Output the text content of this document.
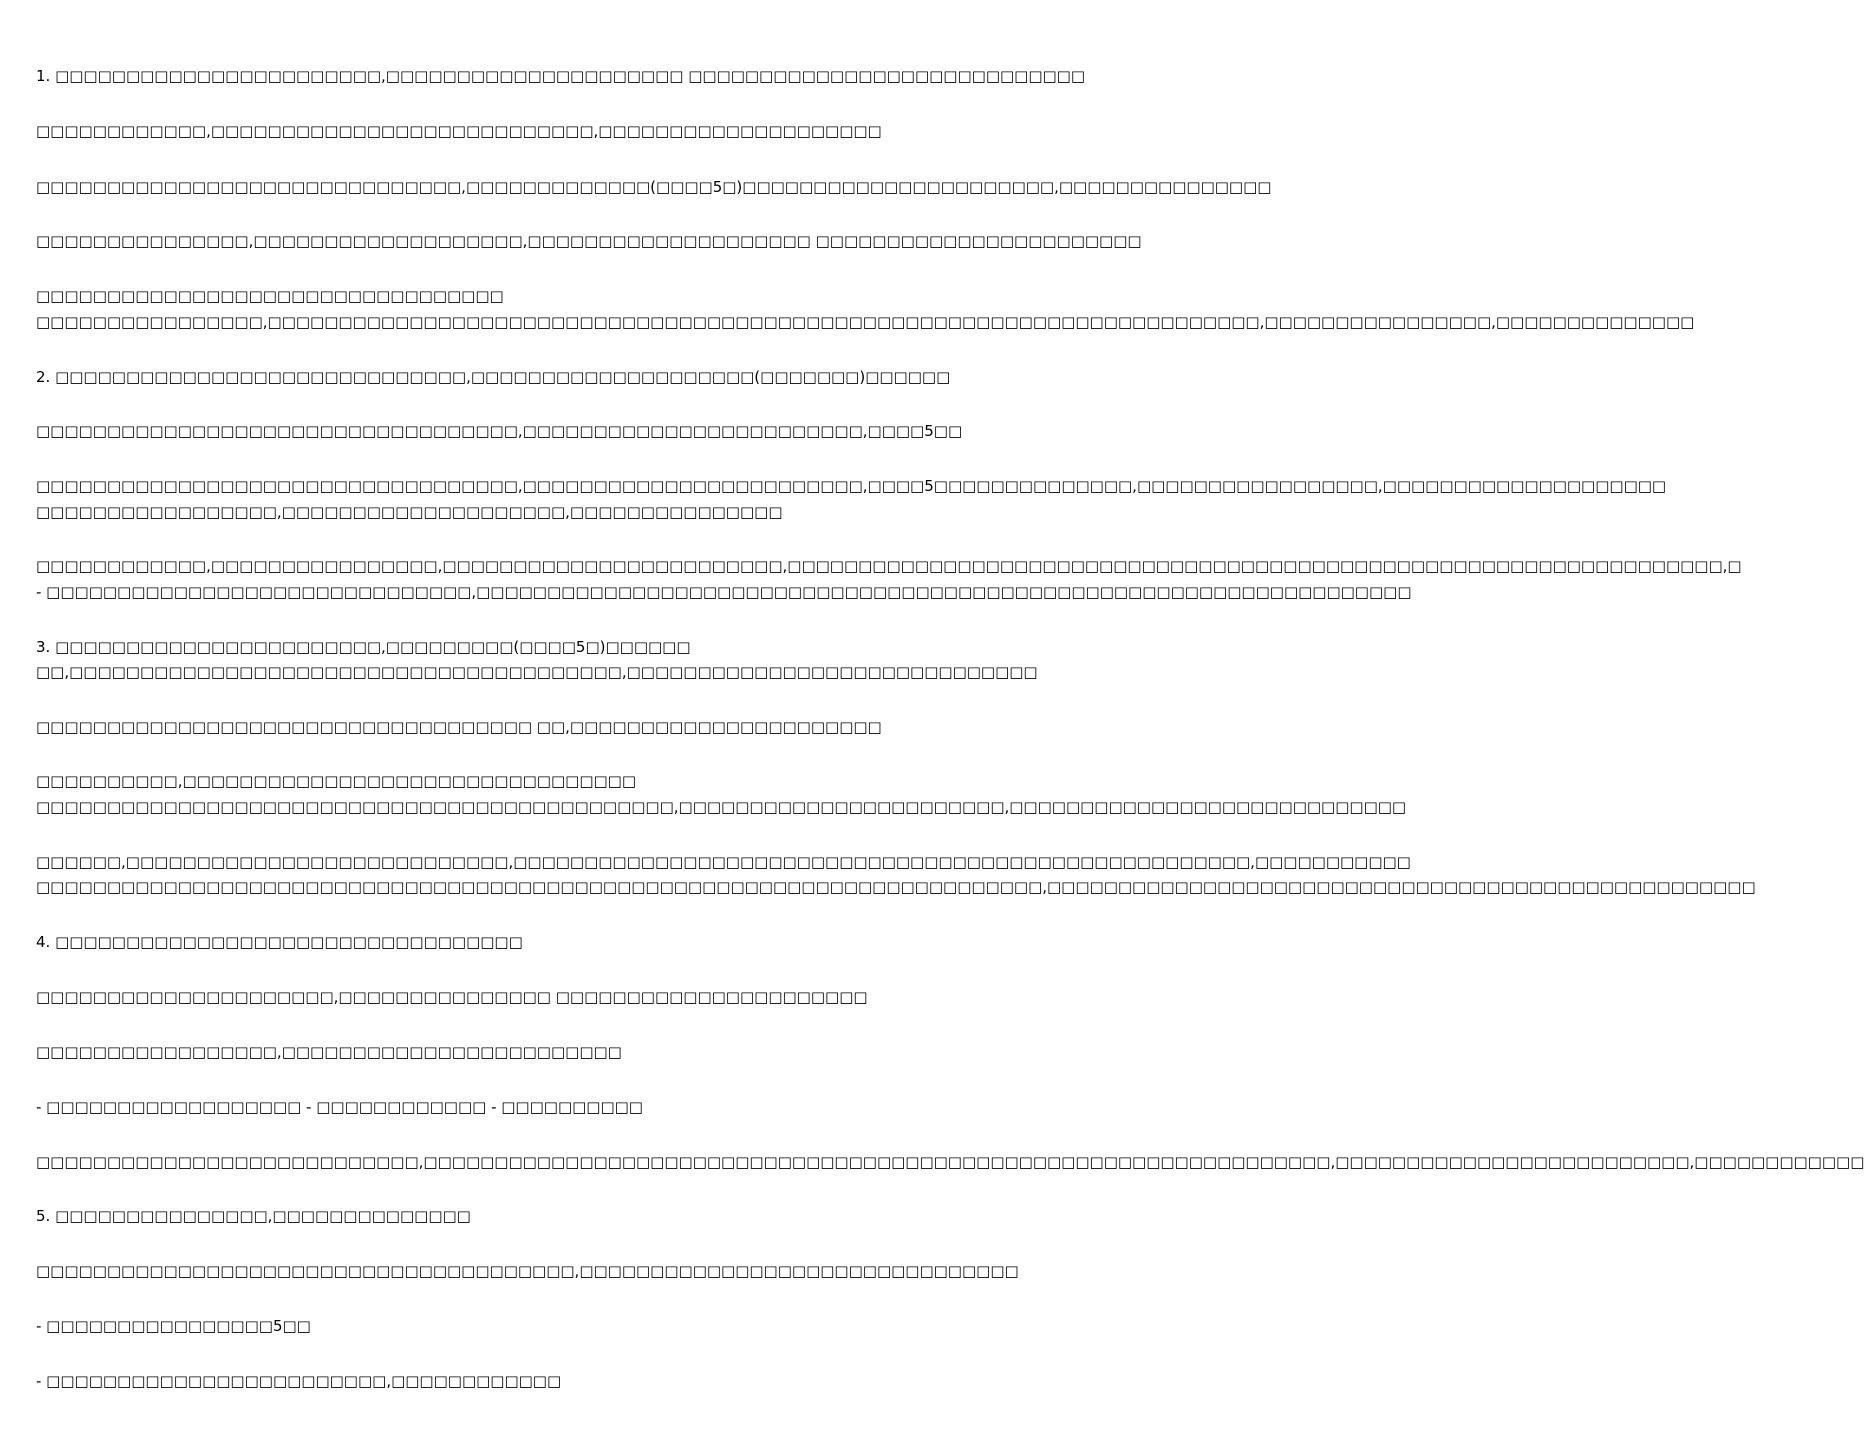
1. □□□□□□□□□□□□□□□□□□□□□□□,□□□□□□□□□□□□□□□□□□□□□ □□□□□□□□□□□□□□□□□□□□□□□□□□□□
□□□□□□□□□□□□,□□□□□□□□□□□□□□□□□□□□□□□□□□□,□□□□□□□□□□□□□□□□□□□□
□□□□□□□□□□□□□□□□□□□□□□□□□□□□□□,□□□□□□□□□□□□□(□□□□5□)□□□□□□□□□□□□□□□□□□□□□□,□□□□□□□□□□□□□□□
□□□□□□□□□□□□□□□,□□□□□□□□□□□□□□□□□□□,□□□□□□□□□□□□□□□□□□□□ □□□□□□□□□□□□□□□□□□□□□□□
□□□□□□□□□□□□□□□□□□□□□□□□□□□□□□□□□
□□□□□□□□□□□□□□□□,□□□□□□□□□□□□□□□□□□□□□□□□□□□□□□□□□□□□□□□□□□□□□□□□□□□□□□□□□□□□□□□□□□□□□□,□□□□□□□□□□□□□□□□,□□□□□□□□□□□□□□
2. □□□□□□□□□□□□□□□□□□□□□□□□□□□□□,□□□□□□□□□□□□□□□□□□□□(□□□□□□□)□□□□□□
□□□□□□□□□□□□□□□□□□□□□□□□□□□□□□□□□□,□□□□□□□□□□□□□□□□□□□□□□□□,□□□□5□□
□□□□□□□□□□□□□□□□□□□□□□□□□□□□□□□□□□,□□□□□□□□□□□□□□□□□□□□□□□□,□□□□5□□□□□□□□□□□□□□,□□□□□□□□□□□□□□□□□,□□□□□□□□□□□□□□□□□□□□
□□□□□□□□□□□□□□□□□,□□□□□□□□□□□□□□□□□□□□,□□□□□□□□□□□□□□□
□□□□□□□□□□□□,□□□□□□□□□□□□□□□□,□□□□□□□□□□□□□□□□□□□□□□□□,□□□□□□□□□□□□□□□□□□□□□□□□□□□□□□□□□□□□□□□□□□□□□□□□□□□□□□□□□□□□□□□□□□,□
- □□□□□□□□□□□□□□□□□□□□□□□□□□□□□□,□□□□□□□□□□□□□□□□□□□□□□□□□□□□□□□□□□□□□□□□□□□□□□□□□□□□□□□□□□□□□□□□□□
3. □□□□□□□□□□□□□□□□□□□□□□□,□□□□□□□□□(□□□□5□)□□□□□□
□□,□□□□□□□□□□□□□□□□□□□□□□□□□□□□□□□□□□□□□□□,□□□□□□□□□□□□□□□□□□□□□□□□□□□□□
□□□□□□□□□□□□□□□□□□□□□□□□□□□□□□□□□□□ □□,□□□□□□□□□□□□□□□□□□□□□□
□□□□□□□□□□,□□□□□□□□□□□□□□□□□□□□□□□□□□□□□□□□
□□□□□□□□□□□□□□□□□□□□□□□□□□□□□□□□□□□□□□□□□□□□□,□□□□□□□□□□□□□□□□□□□□□□□,□□□□□□□□□□□□□□□□□□□□□□□□□□□□
□□□□□□,□□□□□□□□□□□□□□□□□□□□□□□□□□□,□□□□□□□□□□□□□□□□□□□□□□□□□□□□□□□□□□□□□□□□□□□□□□□□□□□□,□□□□□□□□□□□
□□□□□□□□□□□□□□□□□□□□□□□□□□□□□□□□□□□□□□□□□□□□□□□□□□□□□□□□□□□□□□□□□□□□□□□,□□□□□□□□□□□□□□□□□□□□□□□□□□□□□□□□□□□□□□□□□□□□□□□□□□
4. □□□□□□□□□□□□□□□□□□□□□□□□□□□□□□□□□
□□□□□□□□□□□□□□□□□□□□□,□□□□□□□□□□□□□□□ □□□□□□□□□□□□□□□□□□□□□□
□□□□□□□□□□□□□□□□□,□□□□□□□□□□□□□□□□□□□□□□□□
- □□□□□□□□□□□□□□□□□□ - □□□□□□□□□□□□ - □□□□□□□□□□
□□□□□□□□□□□□□□□□□□□□□□□□□□□,□□□□□□□□□□□□□□□□□□□□□□□□□□□□□□□□□□□□□□□□□□□□□□□□□□□□□□□□□□□□□□□□,□□□□□□□□□□□□□□□□□□□□□□□□□,□□□□□□□□□□□□
5. □□□□□□□□□□□□□□□,□□□□□□□□□□□□□□
□□□□□□□□□□□□□□□□□□□□□□□□□□□□□□□□□□□□□□,□□□□□□□□□□□□□□□□□□□□□□□□□□□□□□□
- □□□□□□□□□□□□□□□□5□□
- □□□□□□□□□□□□□□□□□□□□□□□□,□□□□□□□□□□□□
